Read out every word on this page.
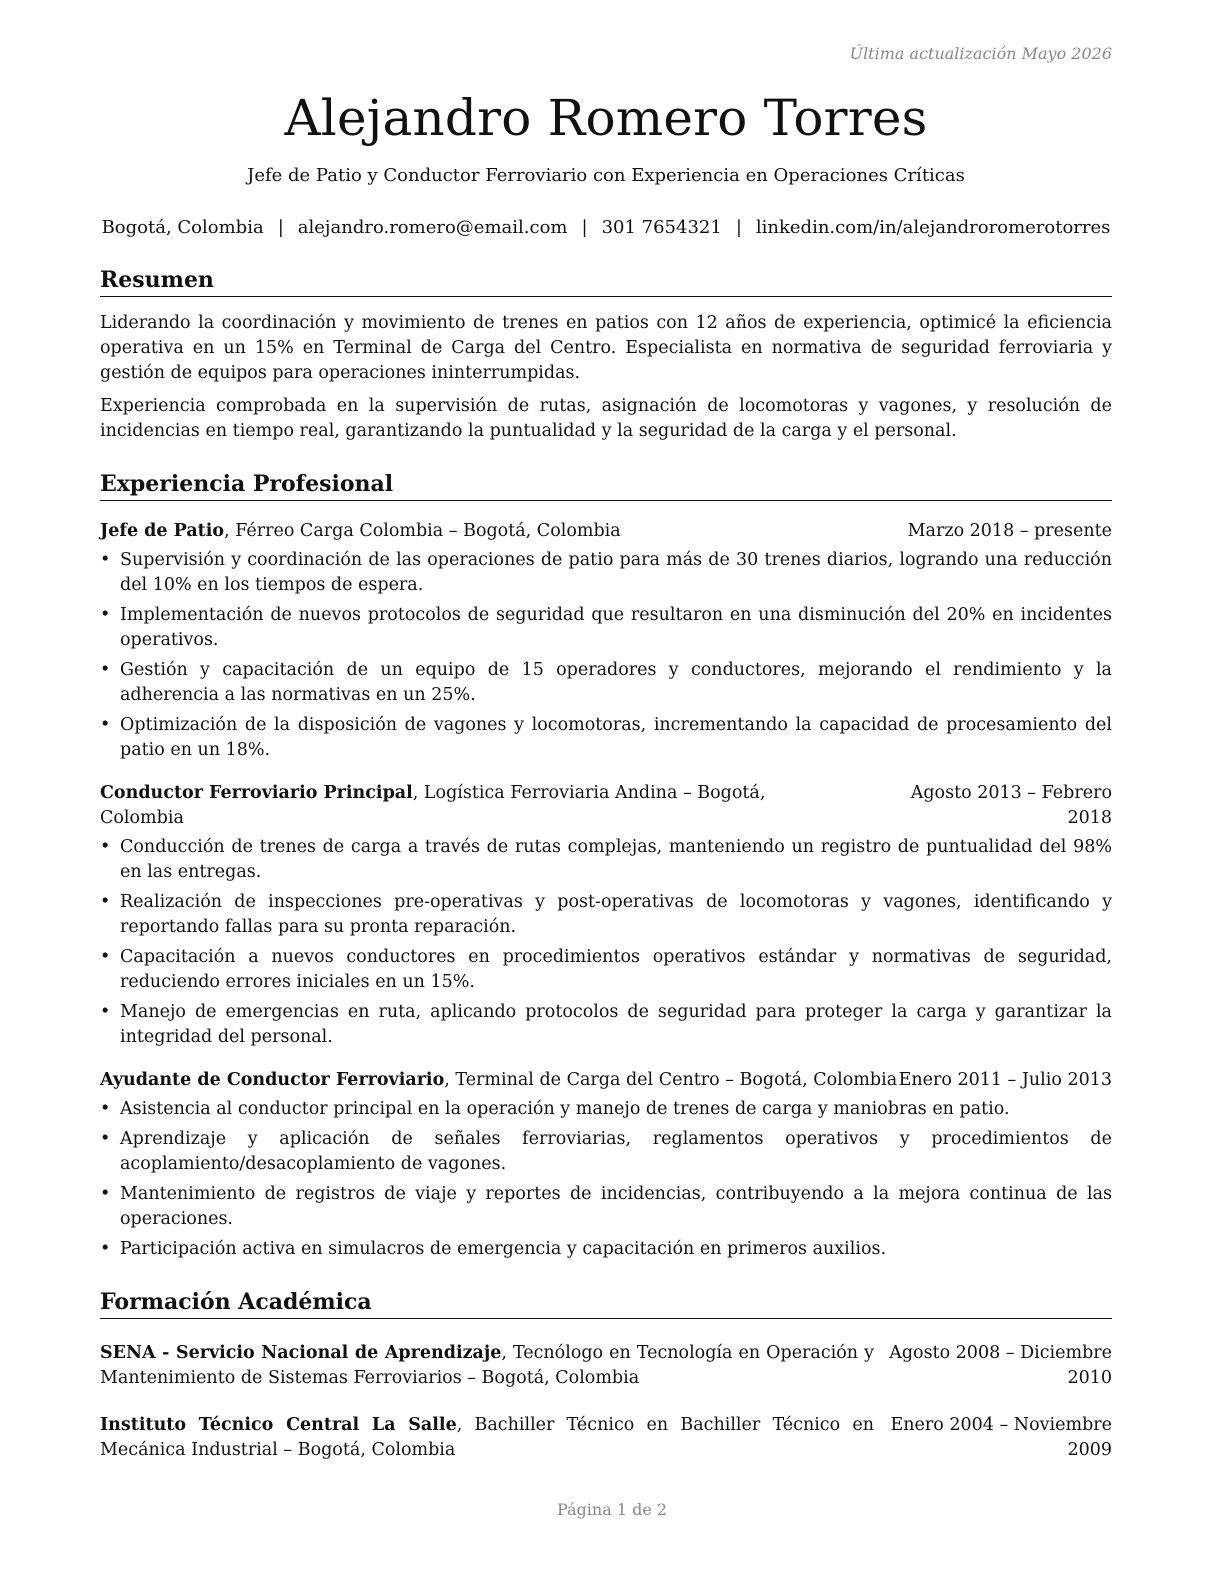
Última actualización Mayo 2026
Alejandro Romero Torres
Jefe de Patio y Conductor Ferroviario con Experiencia en Operaciones Críticas
Bogotá, Colombia | alejandro.romero@email.com | 301 7654321 | linkedin.com/in/alejandroromerotorres
Resumen

Liderando la coordinación y movimiento de trenes en patios con 12 años de experiencia, optimicé la eficiencia operativa en un 15% en Terminal de Carga del Centro. Especialista en normativa de seguridad ferroviaria y gestión de equipos para operaciones ininterrumpidas.

Experiencia comprobada en la supervisión de rutas, asignación de locomotoras y vagones, y resolución de incidencias en tiempo real, garantizando la puntualidad y la seguridad de la carga y el personal.

Experiencia Profesional
Jefe de Patio, Férreo Carga Colombia – Bogotá, Colombia	Marzo 2018 – presente
• Supervisión y coordinación de las operaciones de patio para más de 30 trenes diarios, logrando una reducción del 10% en los tiempos de espera.
• Implementación de nuevos protocolos de seguridad que resultaron en una disminución del 20% en incidentes operativos.
• Gestión y capacitación de un equipo de 15 operadores y conductores, mejorando el rendimiento y la adherencia a las normativas en un 25%.
• Optimización de la disposición de vagones y locomotoras, incrementando la capacidad de procesamiento del patio en un 18%.
Conductor Ferroviario Principal, Logística Ferroviaria Andina – Bogotá, Colombia
Agosto 2013 – Febrero 2018
• Conducción de trenes de carga a través de rutas complejas, manteniendo un registro de puntualidad del 98% en las entregas.
• Realización de inspecciones pre-operativas y post-operativas de locomotoras y vagones, identificando y reportando fallas para su pronta reparación.
• Capacitación a nuevos conductores en procedimientos operativos estándar y normativas de seguridad, reduciendo errores iniciales en un 15%.
• Manejo de emergencias en ruta, aplicando protocolos de seguridad para proteger la carga y garantizar la integridad del personal.
Ayudante de Conductor Ferroviario, Terminal de Carga del Centro – Bogotá, Colombia Enero 2011 – Julio 2013
• Asistencia al conductor principal en la operación y manejo de trenes de carga y maniobras en patio.
• Aprendizaje y aplicación de señales ferroviarias, reglamentos operativos y procedimientos de acoplamiento/desacoplamiento de vagones.
• Mantenimiento de registros de viaje y reportes de incidencias, contribuyendo a la mejora continua de las operaciones.
• Participación activa en simulacros de emergencia y capacitación en primeros auxilios.
Formación Académica
SENA - Servicio Nacional de Aprendizaje, Tecnólogo en Tecnología en Operación y Mantenimiento de Sistemas Ferroviarios – Bogotá, Colombia
Agosto 2008 – Diciembre 2010
Instituto Técnico Central La Salle, Bachiller Técnico en Bachiller Técnico en Mecánica Industrial – Bogotá, Colombia
Enero 2004 – Noviembre 2009
Página 1 de 2
